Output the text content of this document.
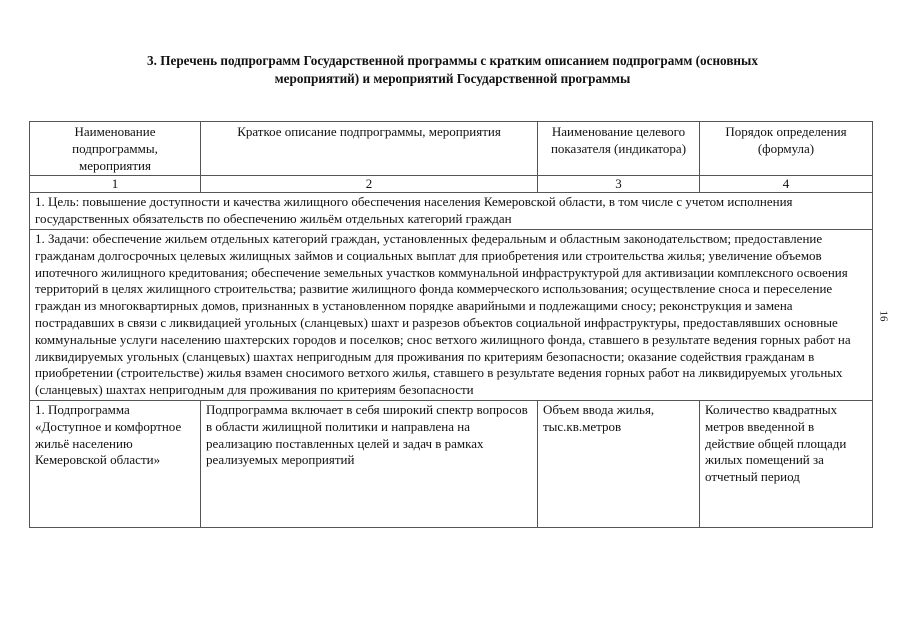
3. Перечень подпрограмм Государственной программы с кратким описанием подпрограмм (основных
мероприятий) и мероприятий Государственной программы
16
Наименование подпрограммы, мероприятия	Краткое описание подпрограммы, мероприятия	Наименование целевого показателя (индикатора)	Порядок определения (формула)
1	2	3	4
1. Цель: повышение доступности и качества жилищного обеспечения населения Кемеровской области, в том числе с учетом исполнения государственных обязательств по обеспечению жильём отдельных категорий граждан			
1. Задачи: обеспечение жильем отдельных категорий граждан, установленных федеральным и областным законодательством; предоставление гражданам долгосрочных целевых жилищных займов и социальных выплат для приобретения или строительства жилья; увеличение объемов ипотечного жилищного кредитования; обеспечение земельных участков коммунальной инфраструктурой для активизации комплексного освоения территорий в целях жилищного строительства; развитие жилищного фонда коммерческого использования; осуществление сноса и переселение граждан из многоквартирных домов, признанных в установленном порядке аварийными и подлежащими сносу; реконструкция и замена пострадавших в связи с ликвидацией угольных (сланцевых) шахт и разрезов объектов социальной инфраструктуры, предоставлявших основные коммунальные услуги населению шахтерских городов и поселков; снос ветхого жилищного фонда, ставшего в результате ведения горных работ на ликвидируемых угольных (сланцевых) шахтах непригодным для проживания по критериям безопасности; оказание содействия гражданам в приобретении (строительстве) жилья взамен сносимого ветхого жилья, ставшего в результате ведения горных работ на ликвидируемых угольных (сланцевых) шахтах непригодным для проживания по критериям безопасности			
1. Подпрограмма «Доступное и комфортное жильё населению Кемеровской области»	Подпрограмма включает в себя широкий спектр вопросов в области жилищной политики и направлена на реализацию поставленных целей и задач в рамках реализуемых мероприятий	Объем ввода жилья, тыс.кв.метров	Количество квадратных метров введенной в действие общей площади жилых помещений за отчетный период
